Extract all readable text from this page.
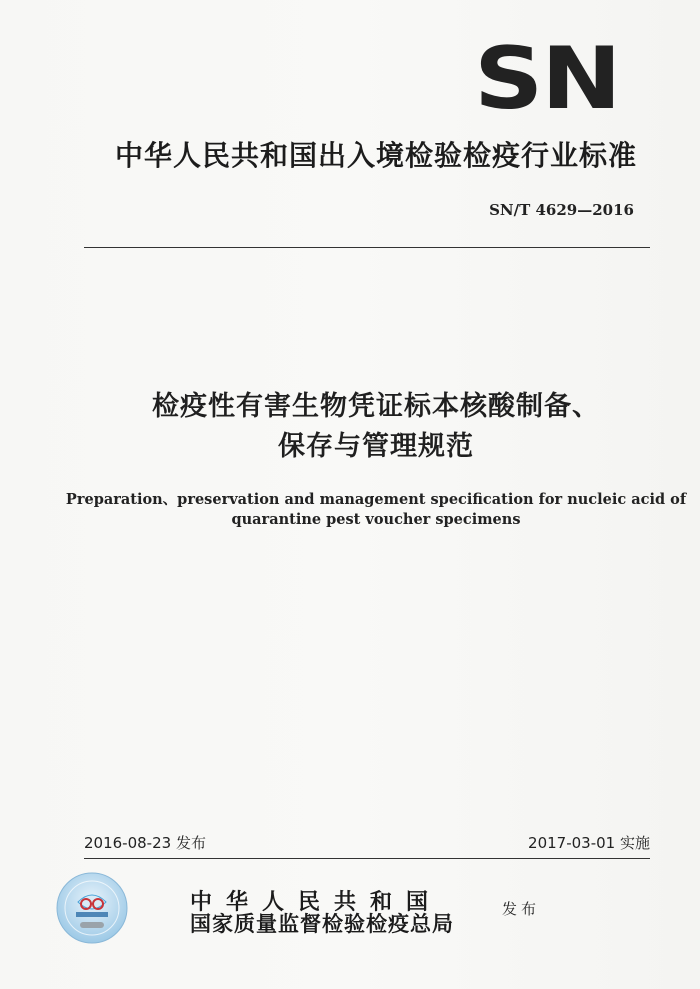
SN
中华人民共和国出入境检验检疫行业标准
SN/T 4629—2016
检疫性有害生物凭证标本核酸制备、
保存与管理规范
Preparation、preservation and management specification for nucleic acid of
quarantine pest voucher specimens
2016-08-23 发布	2017-03-01 实施
中华人民共和国
国家质量监督检验检疫总局
发布
